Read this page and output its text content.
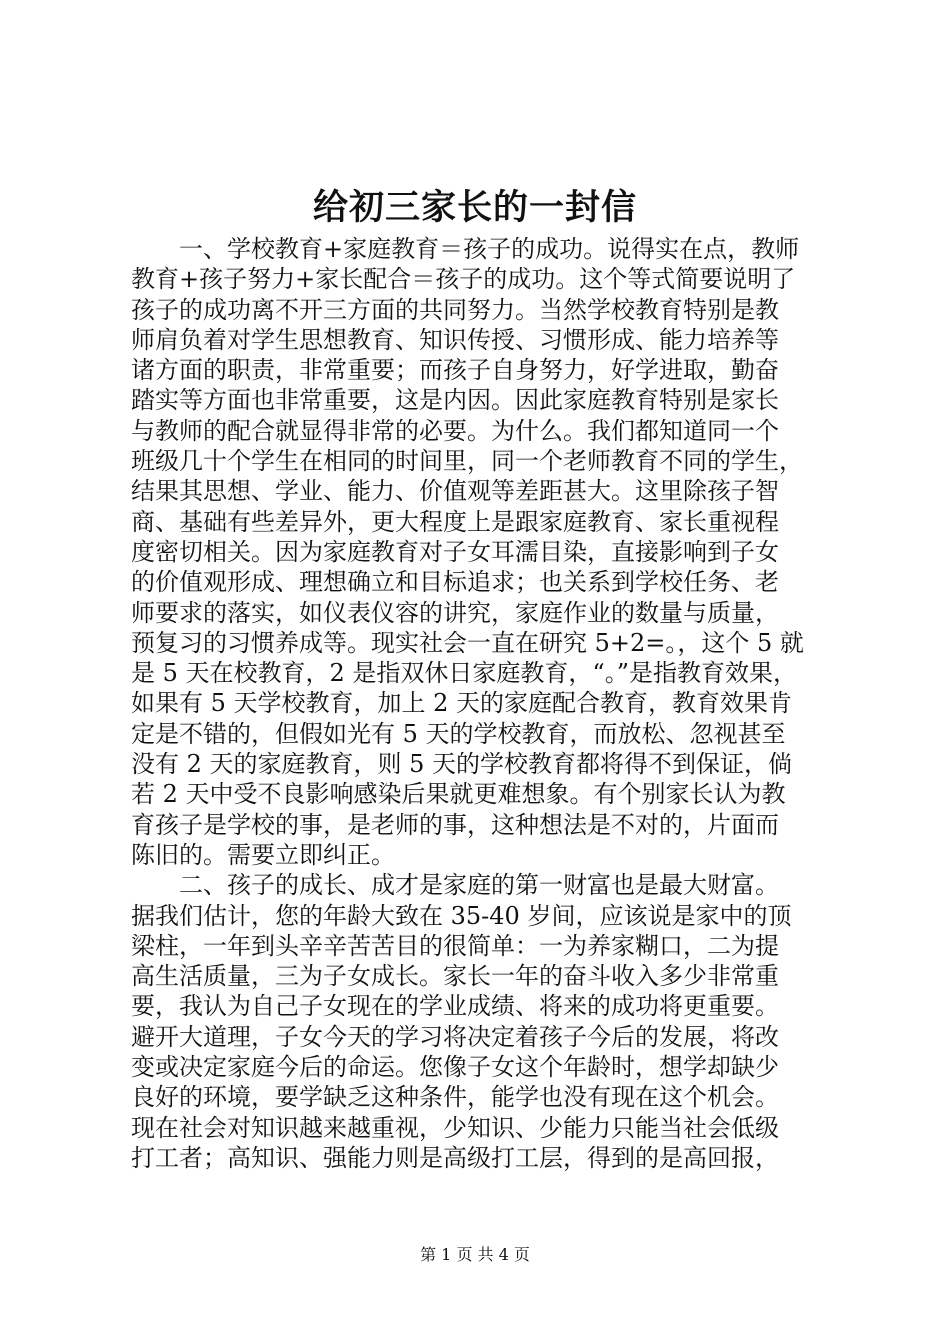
给初三家长的一封信
　　一、学校教育+家庭教育＝孩子的成功。说得实在点，教师
教育+孩子努力+家长配合＝孩子的成功。这个等式简要说明了
孩子的成功离不开三方面的共同努力。当然学校教育特别是教
师肩负着对学生思想教育、知识传授、习惯形成、能力培养等
诸方面的职责，非常重要；而孩子自身努力，好学进取，勤奋
踏实等方面也非常重要，这是内因。因此家庭教育特别是家长
与教师的配合就显得非常的必要。为什么。我们都知道同一个
班级几十个学生在相同的时间里，同一个老师教育不同的学生，
结果其思想、学业、能力、价值观等差距甚大。这里除孩子智
商、基础有些差异外，更大程度上是跟家庭教育、家长重视程
度密切相关。因为家庭教育对子女耳濡目染，直接影响到子女
的价值观形成、理想确立和目标追求；也关系到学校任务、老
师要求的落实，如仪表仪容的讲究，家庭作业的数量与质量，
预复习的习惯养成等。现实社会一直在研究 5+2=。，这个 5 就
是 5 天在校教育，2 是指双休日家庭教育，“。”是指教育效果，
如果有 5 天学校教育，加上 2 天的家庭配合教育，教育效果肯
定是不错的，但假如光有 5 天的学校教育，而放松、忽视甚至
没有 2 天的家庭教育，则 5 天的学校教育都将得不到保证，倘
若 2 天中受不良影响感染后果就更难想象。有个别家长认为教
育孩子是学校的事，是老师的事，这种想法是不对的，片面而
陈旧的。需要立即纠正。
　　二、孩子的成长、成才是家庭的第一财富也是最大财富。
据我们估计，您的年龄大致在 35-40 岁间，应该说是家中的顶
梁柱，一年到头辛辛苦苦目的很简单：一为养家糊口，二为提
高生活质量，三为子女成长。家长一年的奋斗收入多少非常重
要，我认为自己子女现在的学业成绩、将来的成功将更重要。
避开大道理，子女今天的学习将决定着孩子今后的发展，将改
变或决定家庭今后的命运。您像子女这个年龄时，想学却缺少
良好的环境，要学缺乏这种条件，能学也没有现在这个机会。
现在社会对知识越来越重视，少知识、少能力只能当社会低级
打工者；高知识、强能力则是高级打工层，得到的是高回报，
第 1 页 共 4 页
